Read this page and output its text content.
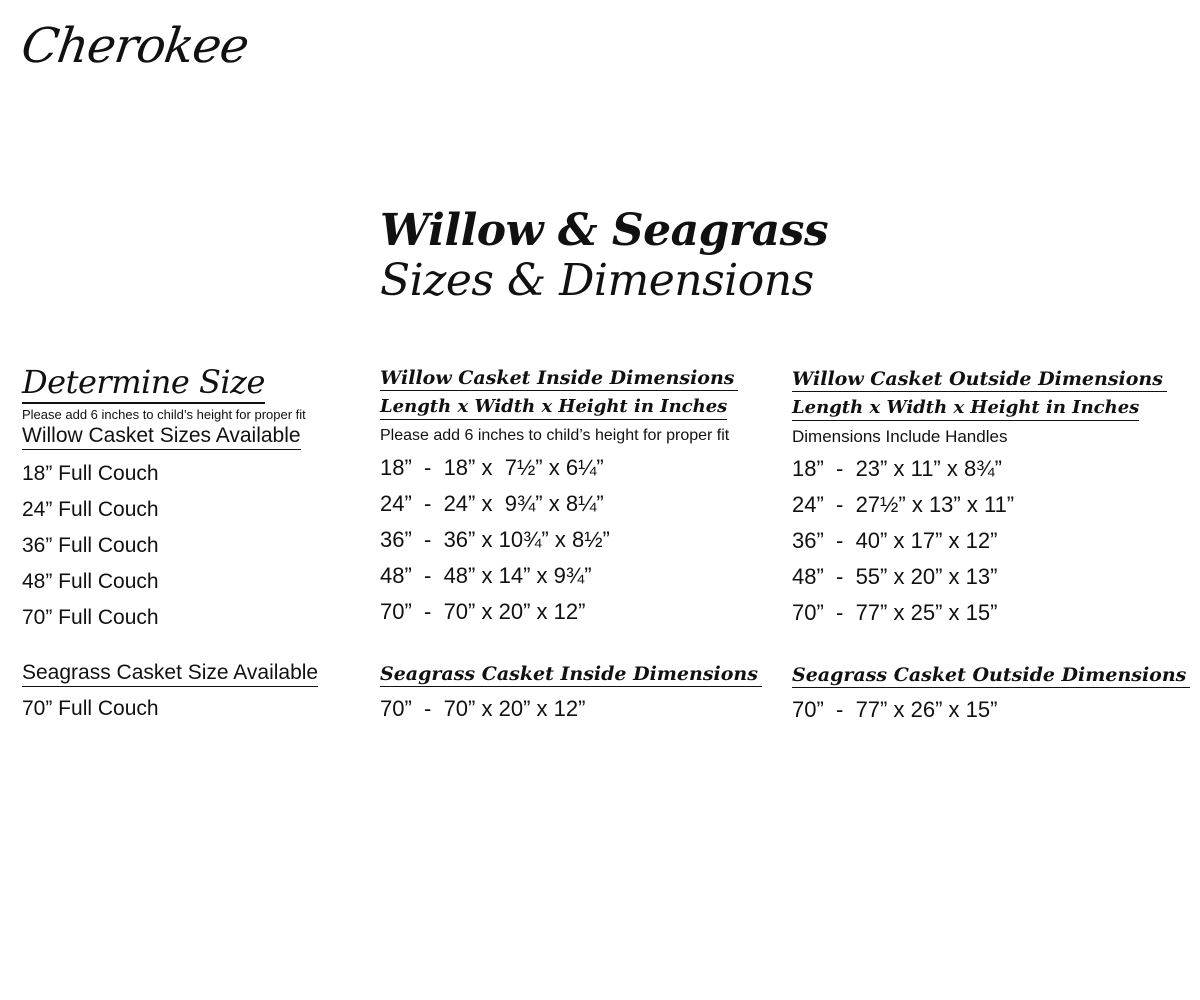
Cherokee
Willow & Seagrass
Sizes & Dimensions
Determine Size
Please add 6 inches to child’s height for proper fit
Willow Casket Sizes Available
18” Full Couch
24” Full Couch
36” Full Couch
48” Full Couch
70” Full Couch
Willow Casket Inside Dimensions
Length x Width x Height in Inches
Please add 6 inches to child’s height for proper fit
18”  -  18” x  7½” x 6¼”
24”  -  24” x  9¾” x 8¼”
36”  -  36” x 10¾” x 8½”
48”  -  48” x 14” x 9¾”
70”  -  70” x 20” x 12”
Willow Casket Outside Dimensions
Length x Width x Height in Inches
Dimensions Include Handles
18”  -  23” x 11” x 8¾”
24”  -  27½” x 13” x 11”
36”  -  40” x 17” x 12”
48”  -  55” x 20” x 13”
70”  -  77” x 25” x 15”
Seagrass Casket Size Available
70” Full Couch
Seagrass Casket Inside Dimensions
70”  -  70” x 20” x 12”
Seagrass Casket Outside Dimensions
70”  -  77” x 26” x 15”
